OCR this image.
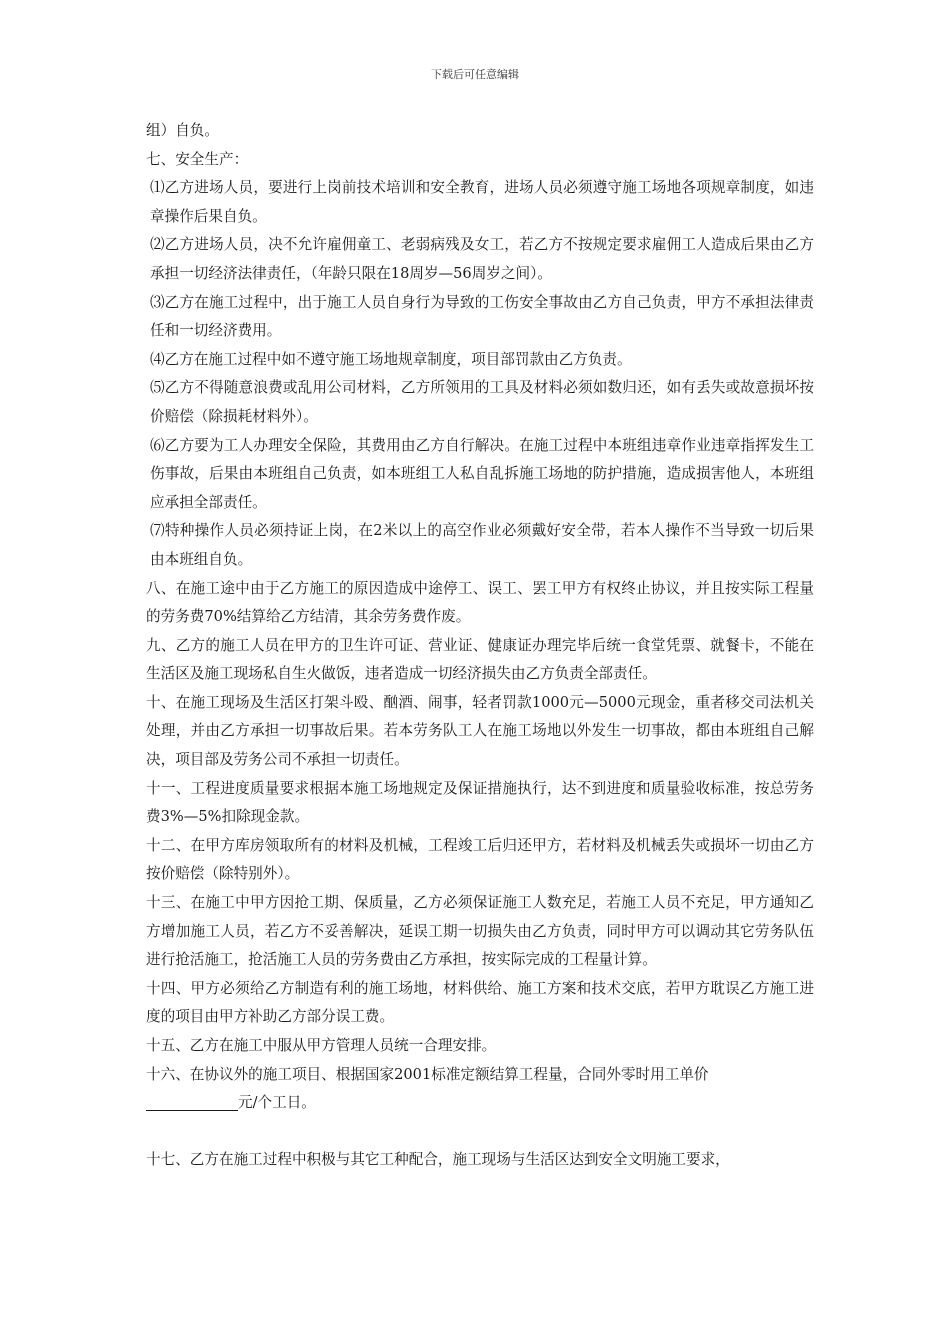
下载后可任意编辑

组）自负。

七、安全生产：

⑴乙方进场人员，要进行上岗前技术培训和安全教育，进场人员必须遵守施工场地各项规章制度，如违章操作后果自负。

⑵乙方进场人员，决不允许雇佣童工、老弱病残及女工，若乙方不按规定要求雇佣工人造成后果由乙方承担一切经济法律责任，（年龄只限在18周岁—56周岁之间）。

⑶乙方在施工过程中，出于施工人员自身行为导致的工伤安全事故由乙方自己负责，甲方不承担法律责任和一切经济费用。

⑷乙方在施工过程中如不遵守施工场地规章制度，项目部罚款由乙方负责。

⑸乙方不得随意浪费或乱用公司材料，乙方所领用的工具及材料必须如数归还，如有丢失或故意损坏按价赔偿（除损耗材料外）。

⑹乙方要为工人办理安全保险，其费用由乙方自行解决。在施工过程中本班组违章作业违章指挥发生工伤事故，后果由本班组自己负责，如本班组工人私自乱拆施工场地的防护措施，造成损害他人，本班组应承担全部责任。

⑺特种操作人员必须持证上岗，在2米以上的高空作业必须戴好安全带，若本人操作不当导致一切后果由本班组自负。

八、在施工途中由于乙方施工的原因造成中途停工、误工、罢工甲方有权终止协议，并且按实际工程量的劳务费70%结算给乙方结清，其余劳务费作废。

九、乙方的施工人员在甲方的卫生许可证、营业证、健康证办理完毕后统一食堂凭票、就餐卡，不能在生活区及施工现场私自生火做饭，违者造成一切经济损失由乙方负责全部责任。

十、在施工现场及生活区打架斗殴、酗酒、闹事，轻者罚款1000元—5000元现金，重者移交司法机关处理，并由乙方承担一切事故后果。若本劳务队工人在施工场地以外发生一切事故，都由本班组自己解决，项目部及劳务公司不承担一切责任。

十一、工程进度质量要求根据本施工场地规定及保证措施执行，达不到进度和质量验收标准，按总劳务费3%—5%扣除现金款。

十二、在甲方库房领取所有的材料及机械，工程竣工后归还甲方，若材料及机械丢失或损坏一切由乙方按价赔偿（除特别外）。

十三、在施工中甲方因抢工期、保质量，乙方必须保证施工人数充足，若施工人员不充足，甲方通知乙方增加施工人员，若乙方不妥善解决，延误工期一切损失由乙方负责，同时甲方可以调动其它劳务队伍进行抢活施工，抢活施工人员的劳务费由乙方承担，按实际完成的工程量计算。

十四、甲方必须给乙方制造有利的施工场地，材料供给、施工方案和技术交底，若甲方耽误乙方施工进度的项目由甲方补助乙方部分误工费。

十五、乙方在施工中服从甲方管理人员统一合理安排。

十六、在协议外的施工项目、根据国家2001标准定额结算工程量，合同外零时用工单价
元/个工日。

十七、乙方在施工过程中积极与其它工种配合，施工现场与生活区达到安全文明施工要求，
